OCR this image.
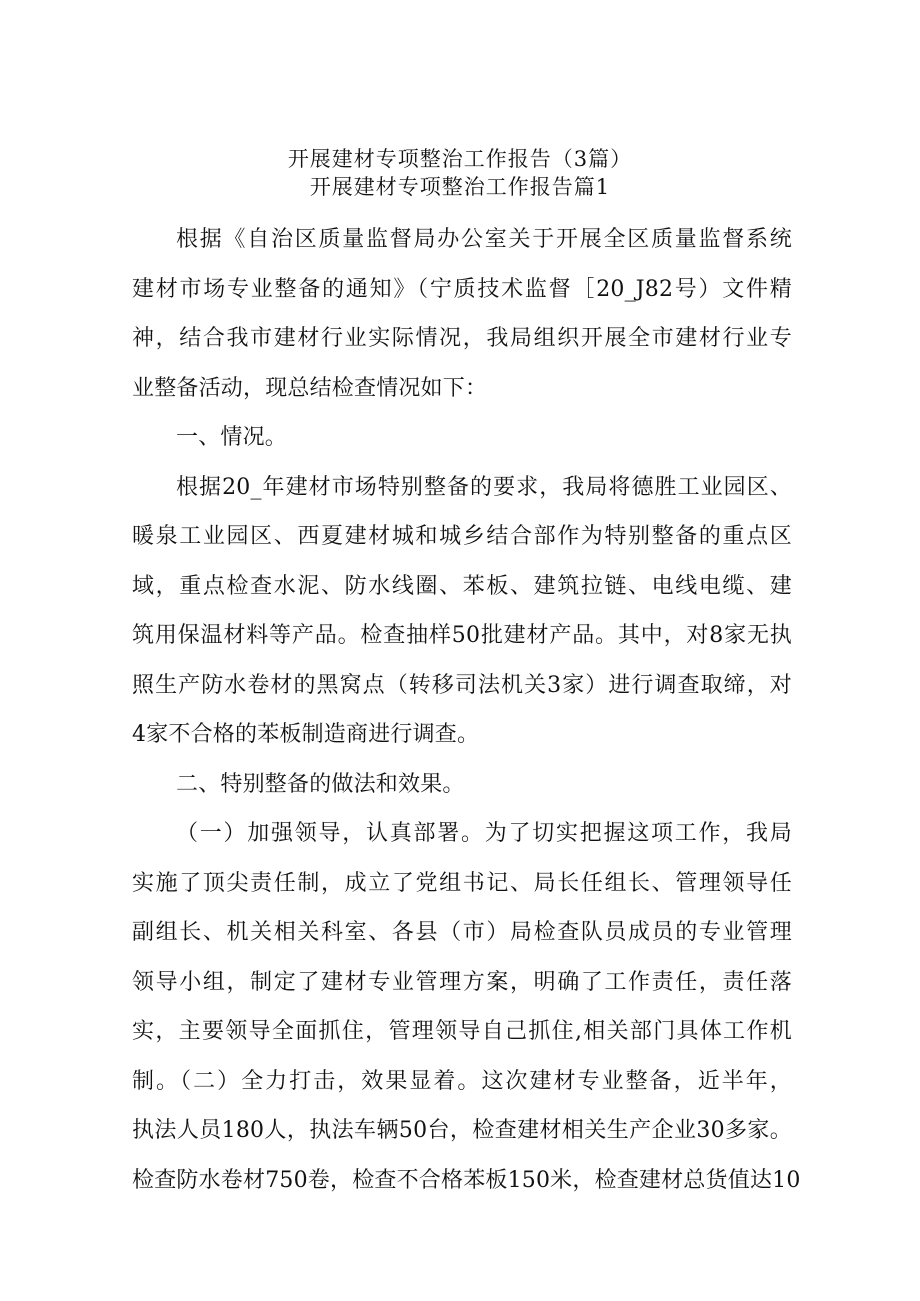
开展建材专项整治工作报告（3篇）
开展建材专项整治工作报告篇1
根据《自治区质量监督局办公室关于开展全区质量监督系统
建材市场专业整备的通知》（宁质技术监督［20_J82号）文件精
神，结合我市建材行业实际情况，我局组织开展全市建材行业专
业整备活动，现总结检查情况如下：
一、情况。
根据20_年建材市场特别整备的要求，我局将德胜工业园区、
暖泉工业园区、西夏建材城和城乡结合部作为特别整备的重点区
域，重点检查水泥、防水线圈、苯板、建筑拉链、电线电缆、建
筑用保温材料等产品。检查抽样50批建材产品。其中，对8家无执
照生产防水卷材的黑窝点（转移司法机关3家）进行调查取缔，对
4家不合格的苯板制造商进行调查。
二、特别整备的做法和效果。
（一）加强领导，认真部署。为了切实把握这项工作，我局
实施了顶尖责任制，成立了党组书记、局长任组长、管理领导任
副组长、机关相关科室、各县（市）局检查队员成员的专业管理
领导小组，制定了建材专业管理方案，明确了工作责任，责任落
实，主要领导全面抓住，管理领导自己抓住,相关部门具体工作机
制。（二）全力打击，效果显着。这次建材专业整备，近半年，
执法人员180人，执法车辆50台，检查建材相关生产企业30多家。
检查防水卷材750卷，检查不合格苯板150米，检查建材总货值达10
